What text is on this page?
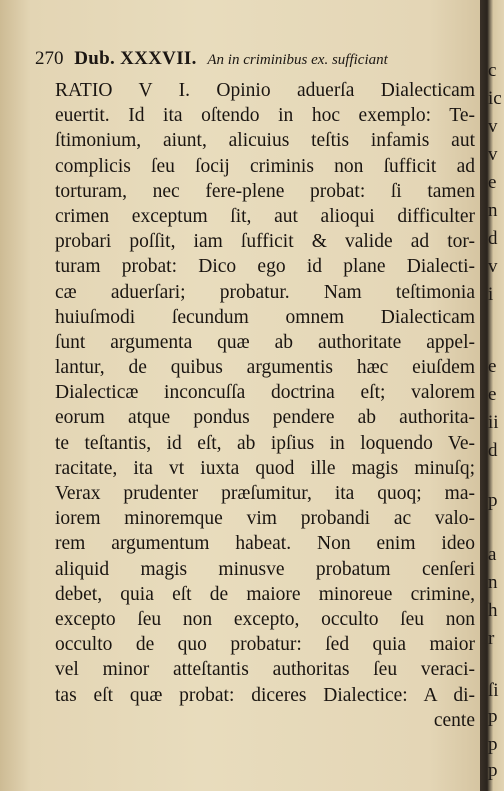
270 Dub. XXXVII. An in criminibus ex. sufficiant
RATIO V I. Opinio aduerſa Dialecticam
euertit. Id ita oſtendo in hoc exemplo: Te-
ſtimonium, aiunt, alicuius teſtis infamis aut
complicis ſeu ſocij criminis non ſufficit ad
torturam, nec fere-plene probat: ſi tamen
crimen exceptum ſit, aut alioqui difficulter
probari poſſit, iam ſufficit & valide ad tor-
turam probat: Dico ego id plane Dialecti-
cæ aduerſari; probatur. Nam teſtimonia
huiuſmodi ſecundum omnem Dialecticam
ſunt argumenta quæ ab authoritate appel-
lantur, de quibus argumentis hæc eiuſdem
Dialecticæ inconcuſſa doctrina eſt; valorem
eorum atque pondus pendere ab authorita-
te teſtantis, id eſt, ab ipſius in loquendo Ve-
racitate, ita vt iuxta quod ille magis minuſq;
Verax prudenter præſumitur, ita quoq; ma-
iorem minoremque vim probandi ac valo-
rem argumentum habeat. Non enim ideo
aliquid magis minusve probatum cenſeri
debet, quia eſt de maiore minoreue crimine,
excepto ſeu non excepto, occulto ſeu non
occulto de quo probatur: ſed quia maior
vel minor atteſtantis authoritas ſeu veraci-
tas eſt quæ probat: diceres Dialectice: A di-
cente
c
ic
v
v
e
n
d
v
i
e
e
ii
d
p
a
n
h
r
ſi
p
p
p
